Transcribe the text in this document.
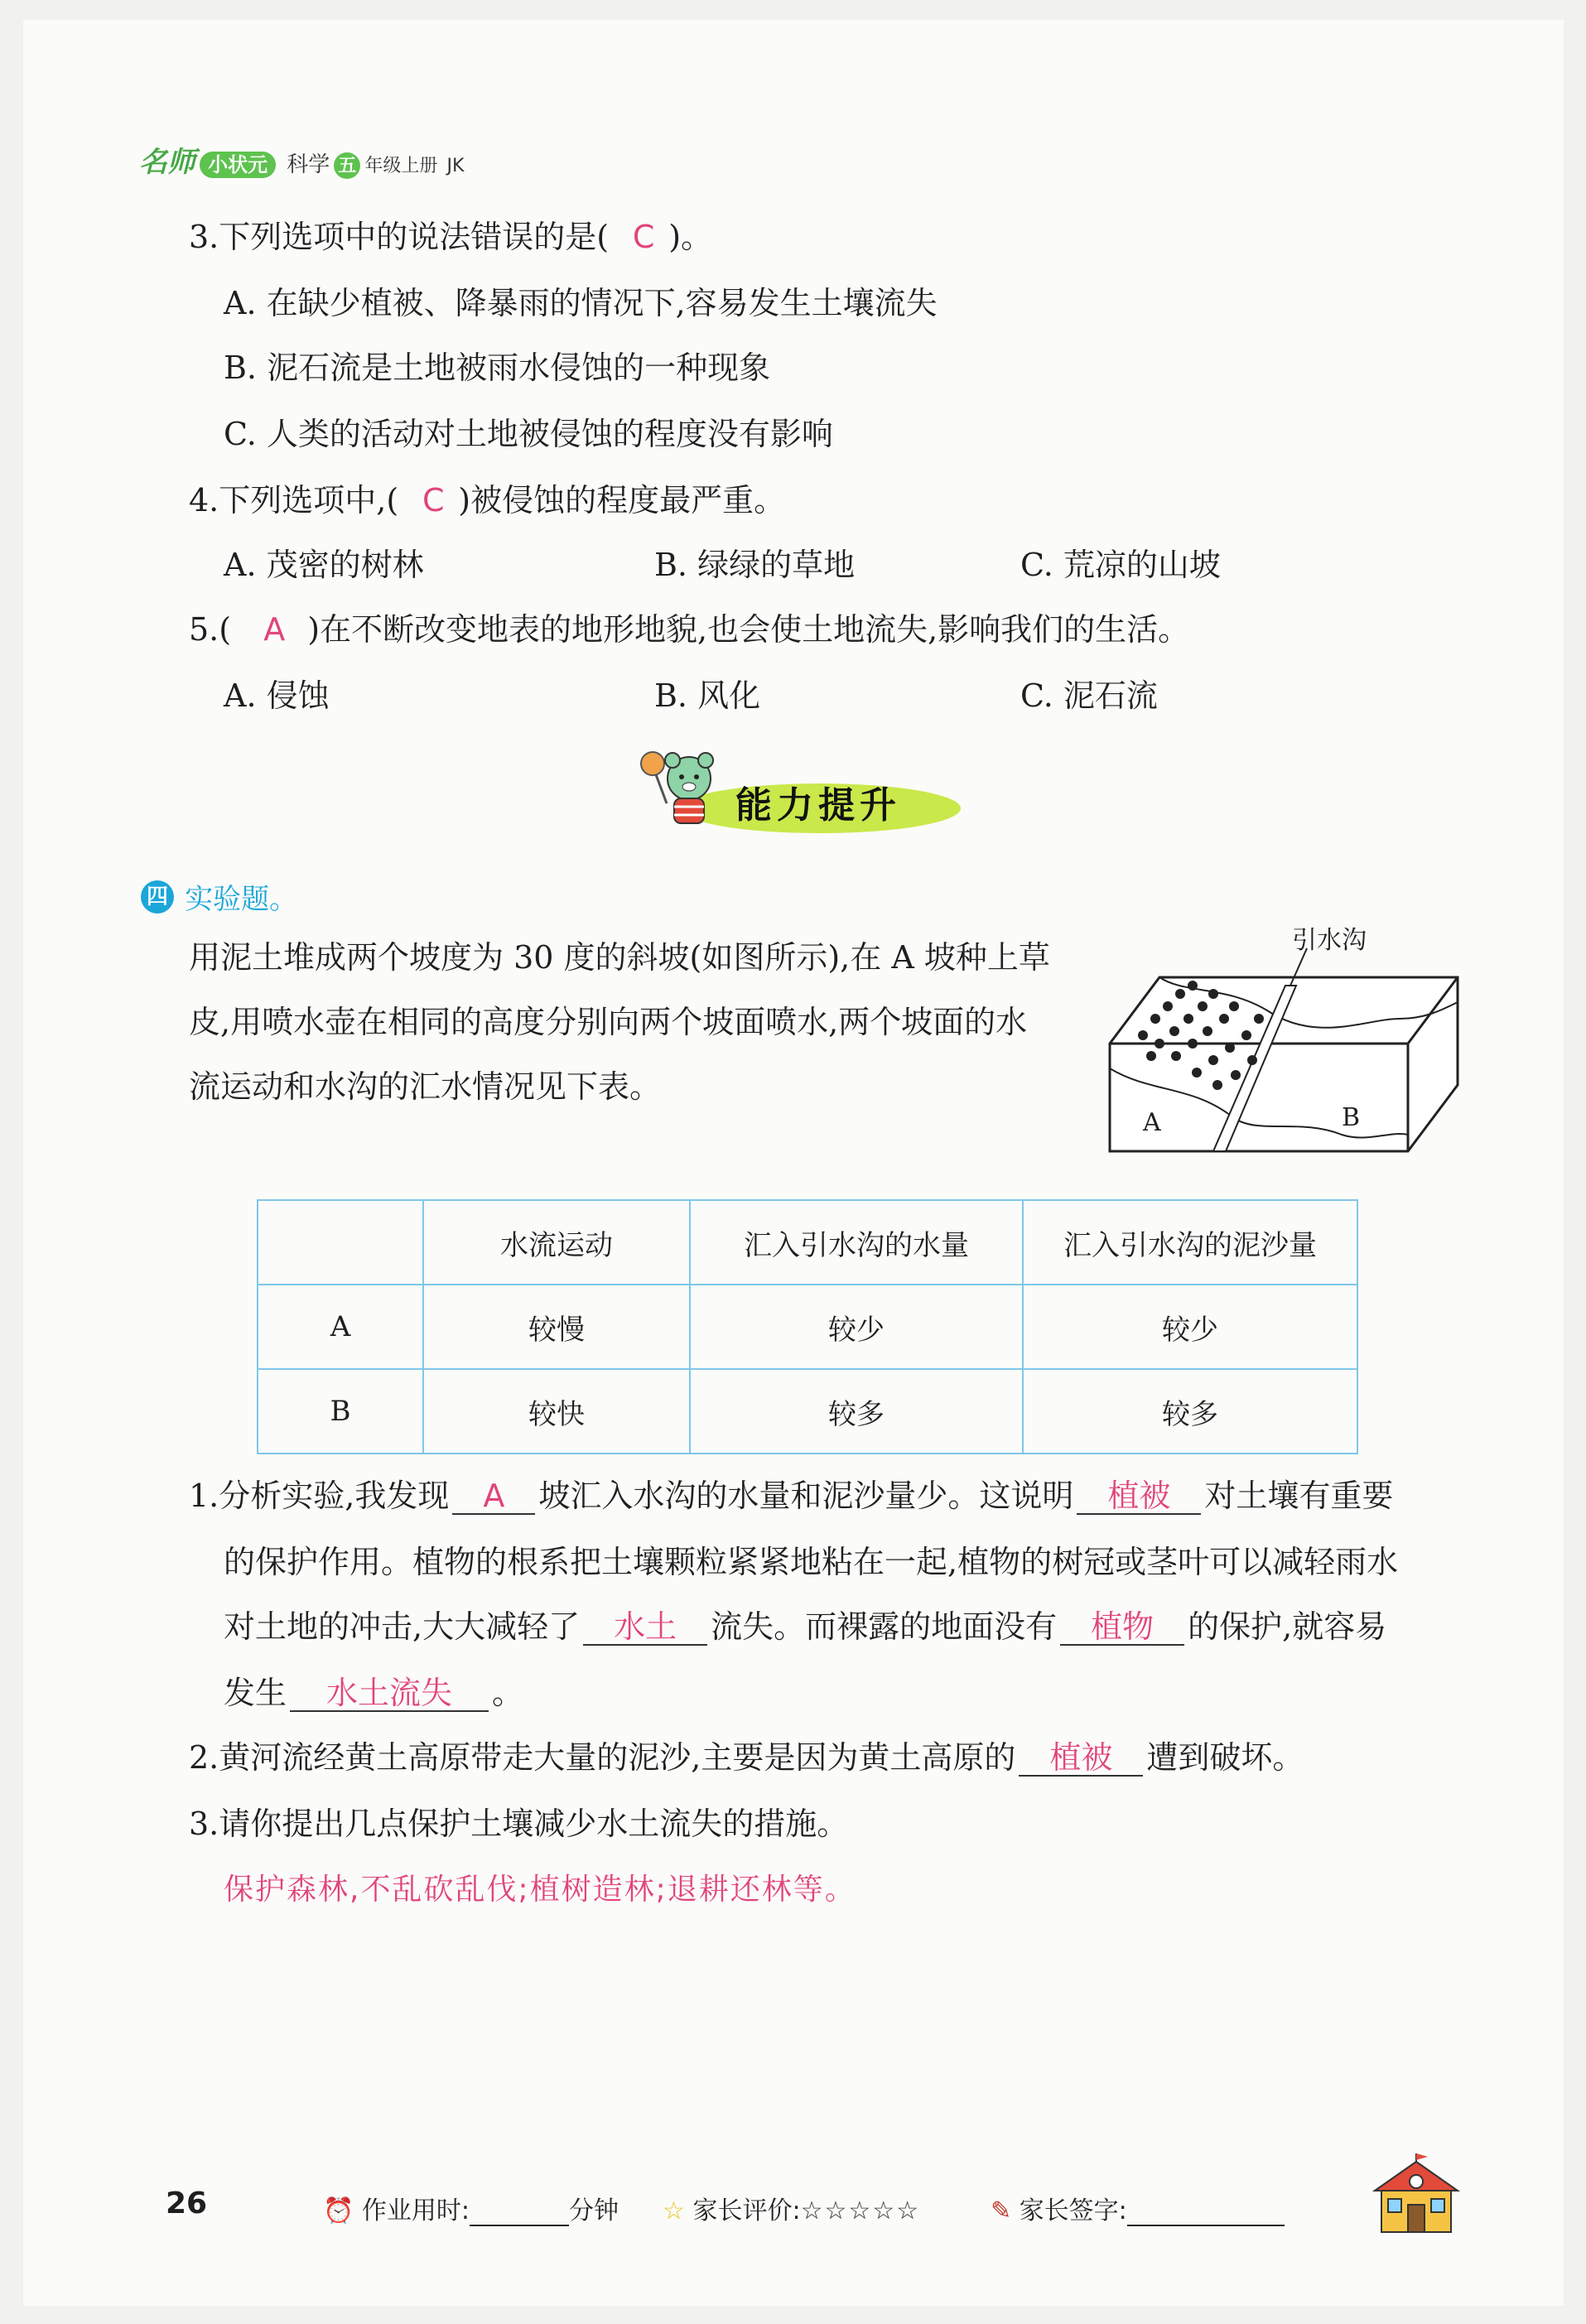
名师 小状元 科学 五 年级上册 JK
3.下列选项中的说法错误的是( C )。
A. 在缺少植被、降暴雨的情况下,容易发生土壤流失
B. 泥石流是土地被雨水侵蚀的一种现象
C. 人类的活动对土地被侵蚀的程度没有影响
4.下列选项中,( C )被侵蚀的程度最严重。
A. 茂密的树林	B. 绿绿的草地	C. 荒凉的山坡
5.( A )在不断改变地表的地形地貌,也会使土地流失,影响我们的生活。
A. 侵蚀	B. 风化	C. 泥石流
能力提升
四 实验题。
用泥土堆成两个坡度为 30 度的斜坡(如图所示),在 A 坡种上草
皮,用喷水壶在相同的高度分别向两个坡面喷水,两个坡面的水
流运动和水沟的汇水情况见下表。
引水沟
A	B
	水流运动	汇入引水沟的水量	汇入引水沟的泥沙量
A	较慢	较少	较少
B	较快	较多	较多
1.分析实验,我发现 A 坡汇入水沟的水量和泥沙量少。这说明 植被 对土壤有重要
的保护作用。植物的根系把土壤颗粒紧紧地粘在一起,植物的树冠或茎叶可以减轻雨水
对土地的冲击,大大减轻了 水土 流失。而裸露的地面没有 植物 的保护,就容易
发生 水土流失 。
2.黄河流经黄土高原带走大量的泥沙,主要是因为黄土高原的 植被 遭到破坏。
3.请你提出几点保护土壤减少水土流失的措施。
保护森林,不乱砍乱伐;植树造林;退耕还林等。
26	⏰ 作业用时:	分钟 ☆ 家长评价:☆☆☆☆☆	✎ 家长签字:
